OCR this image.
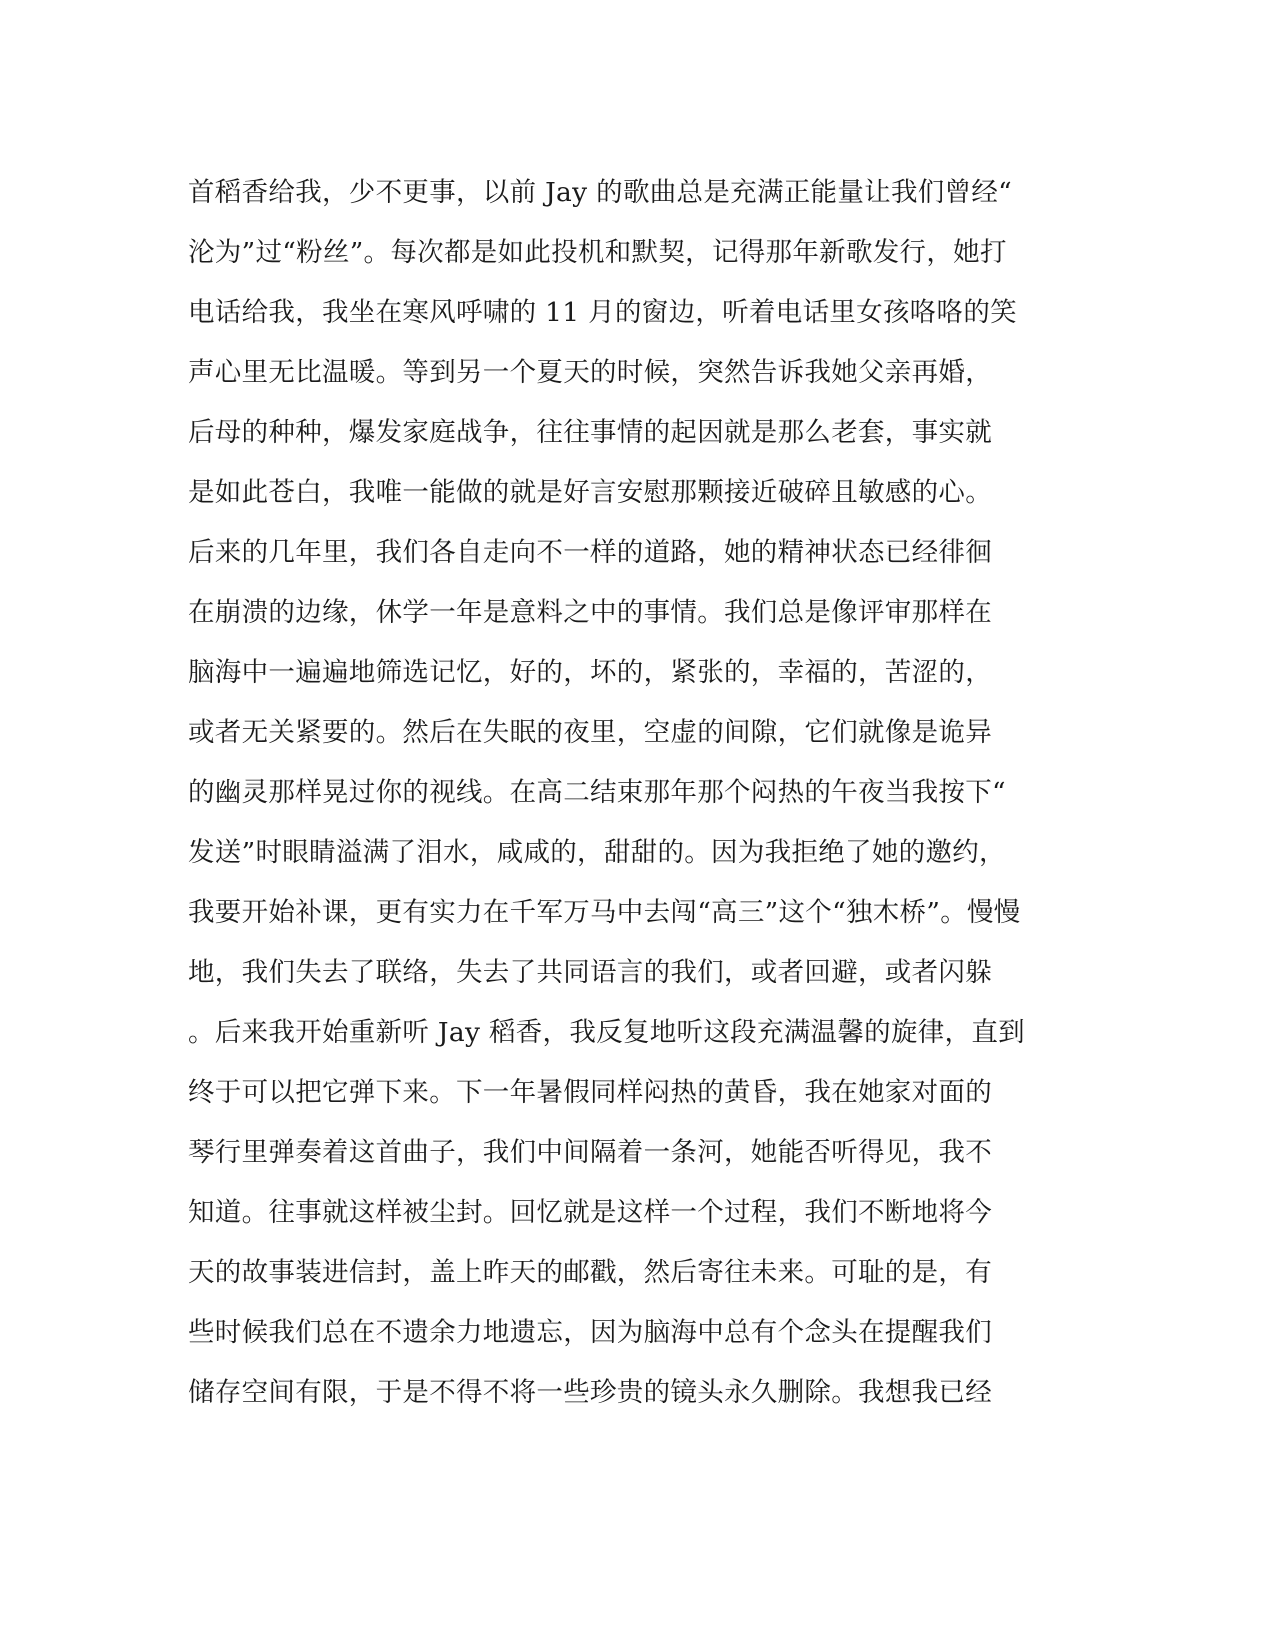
首稻香给我，少不更事，以前 Jay 的歌曲总是充满正能量让我们曾经“
沦为”过“粉丝”。每次都是如此投机和默契，记得那年新歌发行，她打
电话给我，我坐在寒风呼啸的 11 月的窗边，听着电话里女孩咯咯的笑
声心里无比温暖。等到另一个夏天的时候，突然告诉我她父亲再婚，
后母的种种，爆发家庭战争，往往事情的起因就是那么老套，事实就
是如此苍白，我唯一能做的就是好言安慰那颗接近破碎且敏感的心。
后来的几年里，我们各自走向不一样的道路，她的精神状态已经徘徊
在崩溃的边缘，休学一年是意料之中的事情。我们总是像评审那样在
脑海中一遍遍地筛选记忆，好的，坏的，紧张的，幸福的，苦涩的，
或者无关紧要的。然后在失眠的夜里，空虚的间隙，它们就像是诡异
的幽灵那样晃过你的视线。在高二结束那年那个闷热的午夜当我按下“
发送”时眼睛溢满了泪水，咸咸的，甜甜的。因为我拒绝了她的邀约，
我要开始补课，更有实力在千军万马中去闯“高三”这个“独木桥”。慢慢
地，我们失去了联络，失去了共同语言的我们，或者回避，或者闪躲
。后来我开始重新听 Jay 稻香，我反复地听这段充满温馨的旋律，直到
终于可以把它弹下来。下一年暑假同样闷热的黄昏，我在她家对面的
琴行里弹奏着这首曲子，我们中间隔着一条河，她能否听得见，我不
知道。往事就这样被尘封。回忆就是这样一个过程，我们不断地将今
天的故事装进信封，盖上昨天的邮戳，然后寄往未来。可耻的是，有
些时候我们总在不遗余力地遗忘，因为脑海中总有个念头在提醒我们
储存空间有限，于是不得不将一些珍贵的镜头永久删除。我想我已经
